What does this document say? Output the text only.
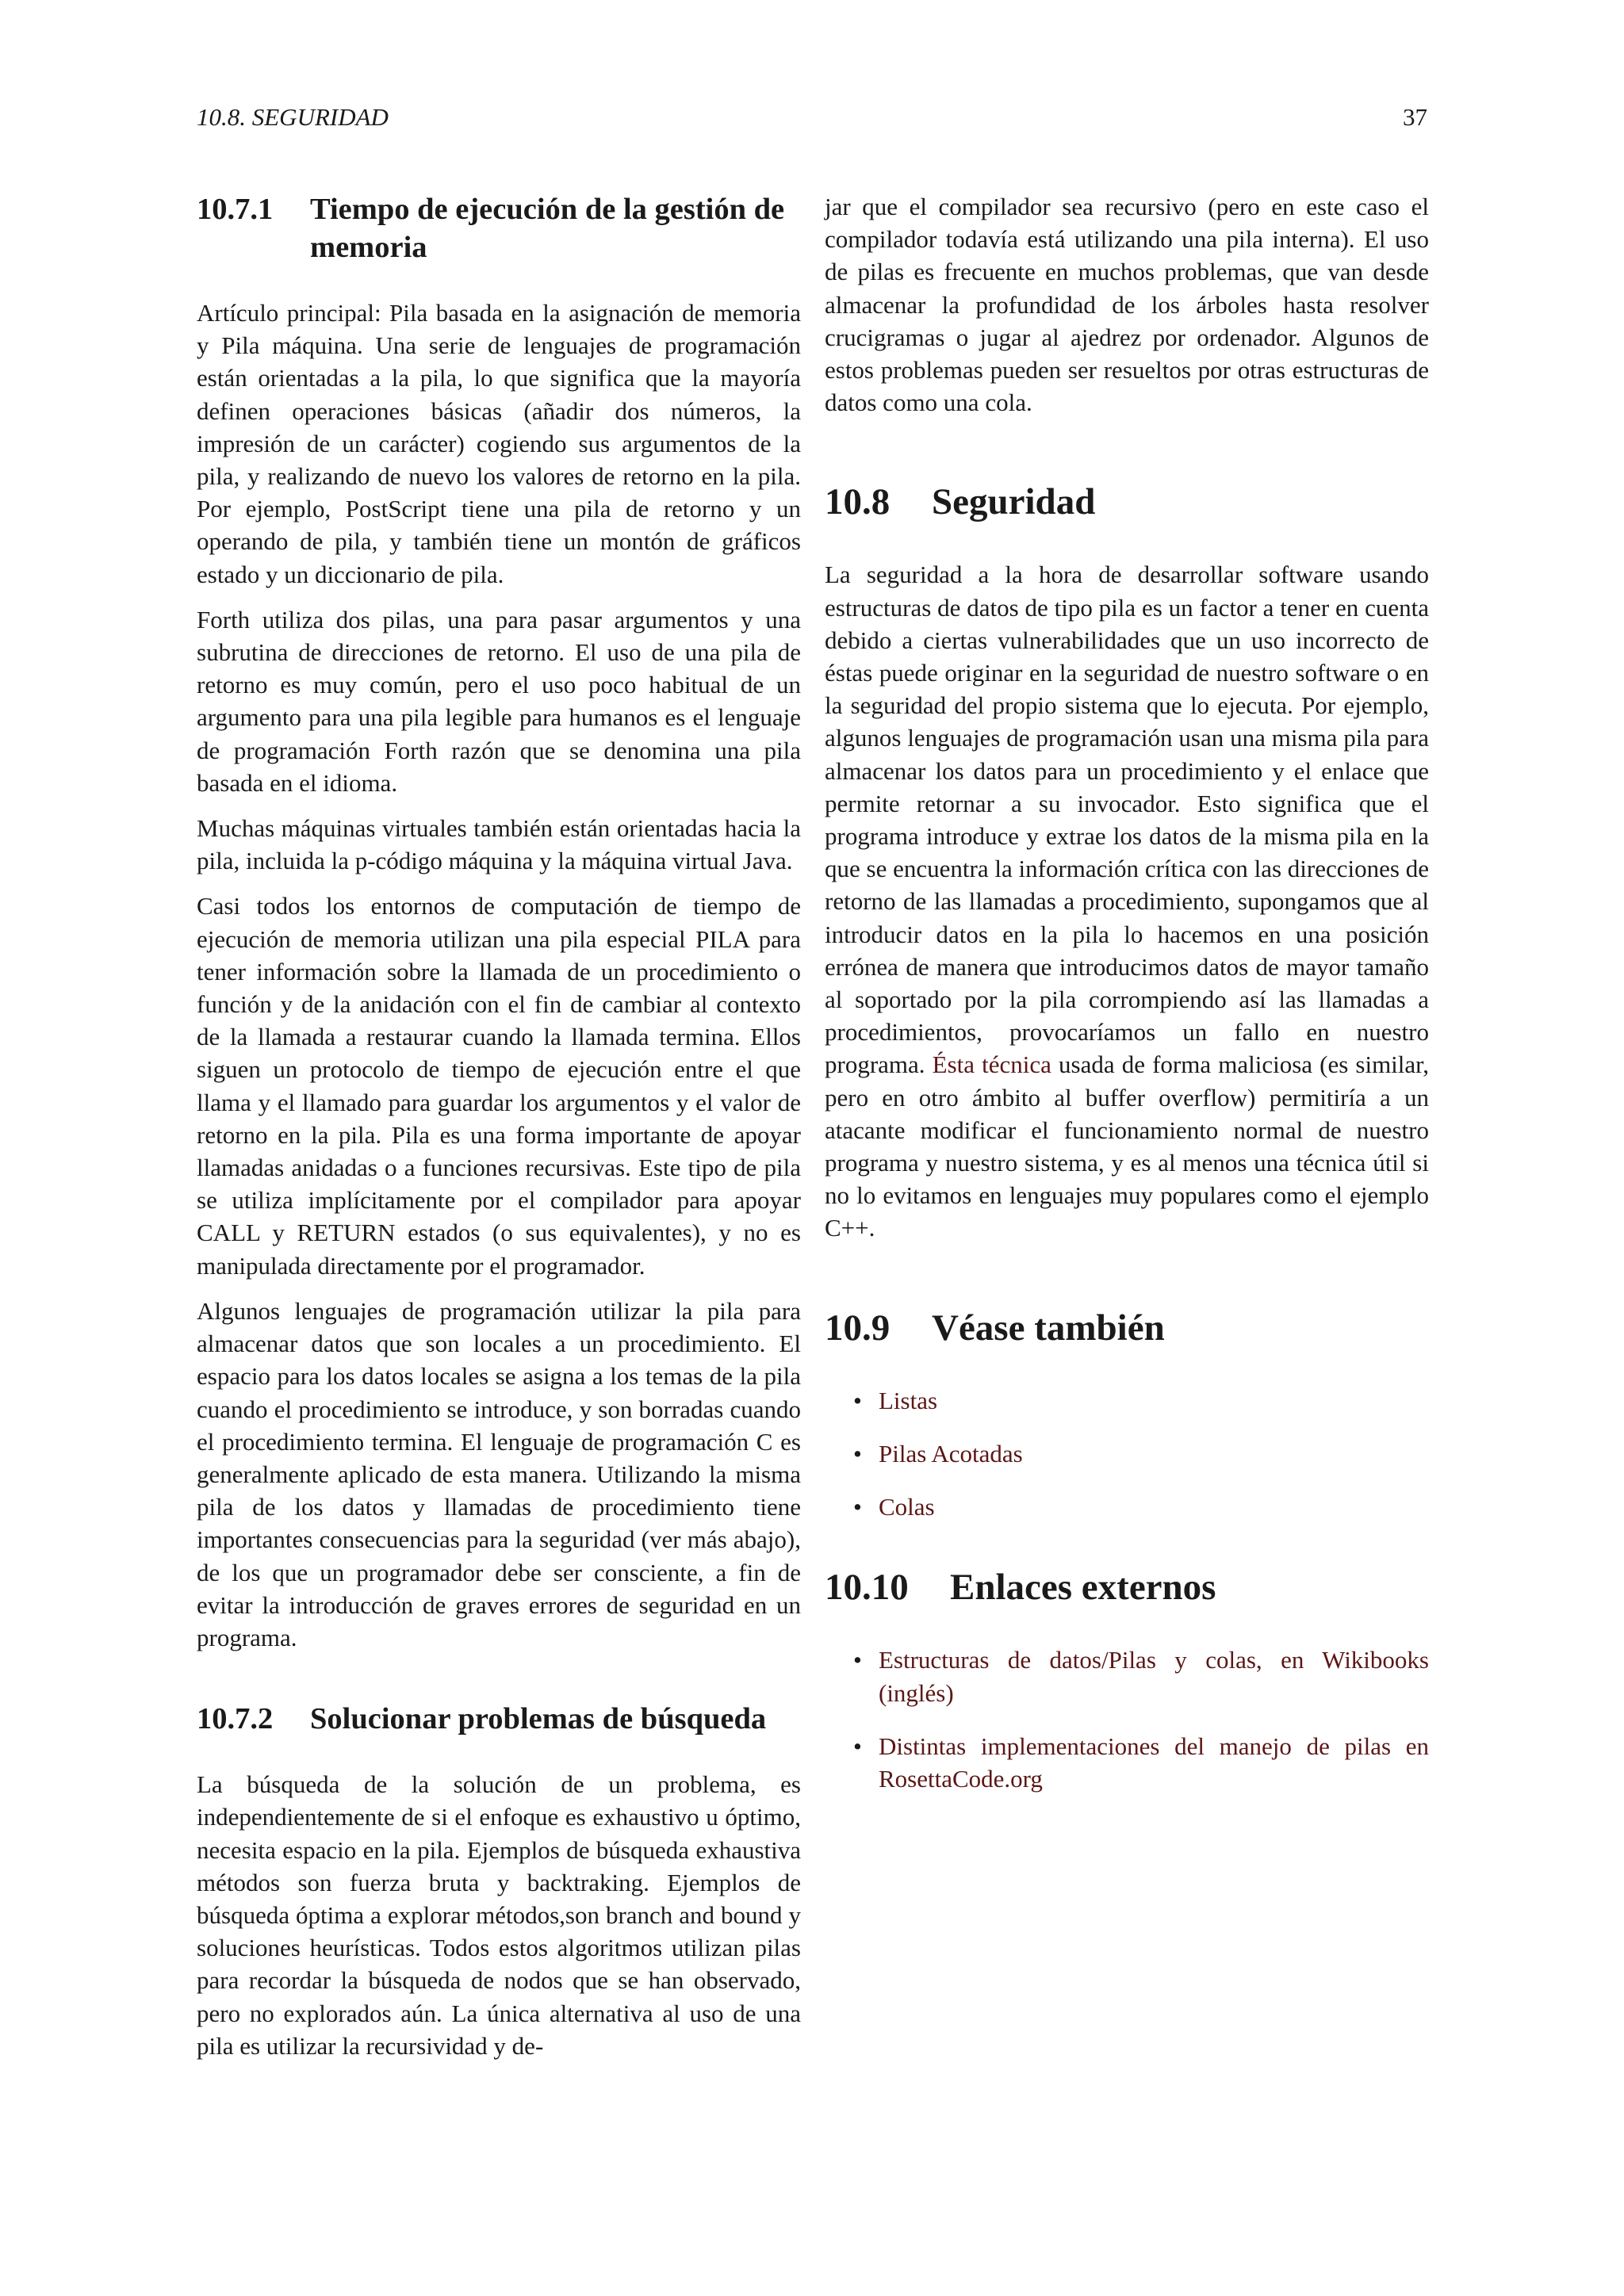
10.8. SEGURIDAD	37
10.7.1 Tiempo de ejecución de la gestión de memoria

Artículo principal: Pila basada en la asignación de memoria y Pila máquina. Una serie de lenguajes de programación están orientadas a la pila, lo que significa que la mayoría definen operaciones básicas (añadir dos números, la impresión de un carácter) cogiendo sus argumentos de la pila, y realizando de nuevo los valores de retorno en la pila. Por ejemplo, PostScript tiene una pila de retorno y un operando de pila, y también tiene un montón de gráficos estado y un diccionario de pila.

Forth utiliza dos pilas, una para pasar argumentos y una subrutina de direcciones de retorno. El uso de una pila de retorno es muy común, pero el uso poco habitual de un argumento para una pila legible para humanos es el lenguaje de programación Forth razón que se denomina una pila basada en el idioma.

Muchas máquinas virtuales también están orientadas hacia la pila, incluida la p-código máquina y la máquina virtual Java.

Casi todos los entornos de computación de tiempo de ejecución de memoria utilizan una pila especial PILA para tener información sobre la llamada de un procedimiento o función y de la anidación con el fin de cambiar al contexto de la llamada a restaurar cuando la llamada termina. Ellos siguen un protocolo de tiempo de ejecución entre el que llama y el llamado para guardar los argumentos y el valor de retorno en la pila. Pila es una forma importante de apoyar llamadas anidadas o a funciones recursivas. Este tipo de pila se utiliza implícitamente por el compilador para apoyar CALL y RETURN estados (o sus equivalentes), y no es manipulada directamente por el programador.

Algunos lenguajes de programación utilizar la pila para almacenar datos que son locales a un procedimiento. El espacio para los datos locales se asigna a los temas de la pila cuando el procedimiento se introduce, y son borradas cuando el procedimiento termina. El lenguaje de programación C es generalmente aplicado de esta manera. Utilizando la misma pila de los datos y llamadas de procedimiento tiene importantes consecuencias para la seguridad (ver más abajo), de los que un programador debe ser consciente, a fin de evitar la introducción de graves errores de seguridad en un programa.

10.7.2 Solucionar problemas de búsqueda

La búsqueda de la solución de un problema, es independientemente de si el enfoque es exhaustivo u óptimo, necesita espacio en la pila. Ejemplos de búsqueda exhaustiva métodos son fuerza bruta y backtraking. Ejemplos de búsqueda óptima a explorar métodos,son branch and bound y soluciones heurísticas. Todos estos algoritmos utilizan pilas para recordar la búsqueda de nodos que se han observado, pero no explorados aún. La única alternativa al uso de una pila es utilizar la recursividad y de-

jar que el compilador sea recursivo (pero en este caso el compilador todavía está utilizando una pila interna). El uso de pilas es frecuente en muchos problemas, que van desde almacenar la profundidad de los árboles hasta resolver crucigramas o jugar al ajedrez por ordenador. Algunos de estos problemas pueden ser resueltos por otras estructuras de datos como una cola.

10.8 Seguridad

La seguridad a la hora de desarrollar software usando estructuras de datos de tipo pila es un factor a tener en cuenta debido a ciertas vulnerabilidades que un uso incorrecto de éstas puede originar en la seguridad de nuestro software o en la seguridad del propio sistema que lo ejecuta. Por ejemplo, algunos lenguajes de programación usan una misma pila para almacenar los datos para un procedimiento y el enlace que permite retornar a su invocador. Esto significa que el programa introduce y extrae los datos de la misma pila en la que se encuentra la información crítica con las direcciones de retorno de las llamadas a procedimiento, supongamos que al introducir datos en la pila lo hacemos en una posición errónea de manera que introducimos datos de mayor tamaño al soportado por la pila corrompiendo así las llamadas a procedimientos, provocaríamos un fallo en nuestro programa. Ésta técnica usada de forma maliciosa (es similar, pero en otro ámbito al buffer overflow) permitiría a un atacante modificar el funcionamiento normal de nuestro programa y nuestro sistema, y es al menos una técnica útil si no lo evitamos en lenguajes muy populares como el ejemplo C++.

10.9 Véase también
• Listas
• Pilas Acotadas
• Colas
10.10 Enlaces externos
• Estructuras de datos/Pilas y colas, en Wikibooks (inglés)
• Distintas implementaciones del manejo de pilas en RosettaCode.org
